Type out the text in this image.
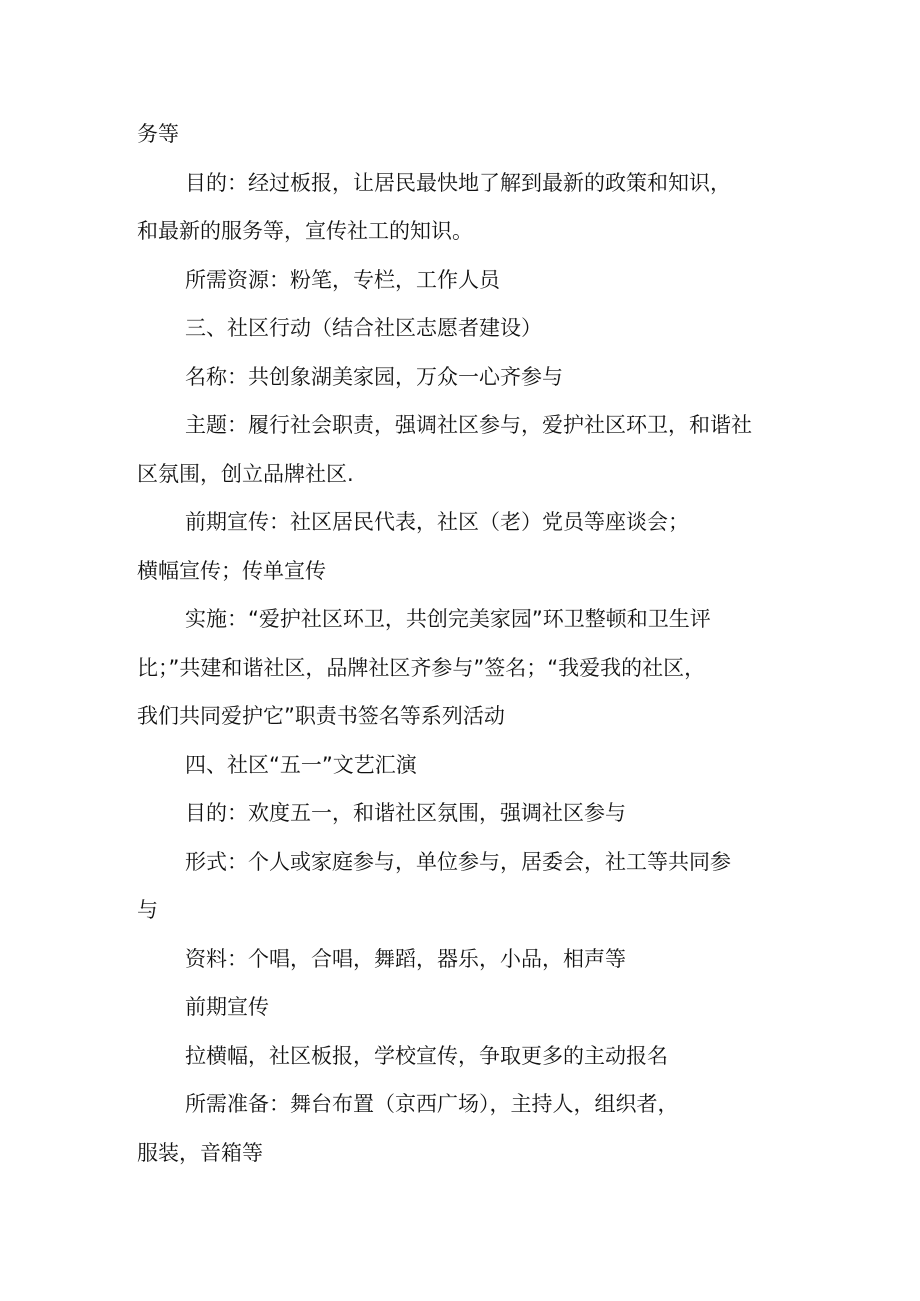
务等

目的：经过板报，让居民最快地了解到最新的政策和知识，

和最新的服务等，宣传社工的知识。

所需资源：粉笔，专栏，工作人员

三、社区行动（结合社区志愿者建设）

名称：共创象湖美家园，万众一心齐参与

主题：履行社会职责，强调社区参与，爱护社区环卫，和谐社

区氛围，创立品牌社区.

前期宣传：社区居民代表，社区（老）党员等座谈会；

横幅宣传；传单宣传

实施：“爱护社区环卫，共创完美家园”环卫整顿和卫生评

比；”共建和谐社区，品牌社区齐参与”签名；“我爱我的社区，

我们共同爱护它”职责书签名等系列活动

四、社区“五一”文艺汇演

目的：欢度五一，和谐社区氛围，强调社区参与

形式：个人或家庭参与，单位参与，居委会，社工等共同参

与

资料：个唱，合唱，舞蹈，器乐，小品，相声等

前期宣传

拉横幅，社区板报，学校宣传，争取更多的主动报名

所需准备：舞台布置（京西广场），主持人，组织者，

服装，音箱等
